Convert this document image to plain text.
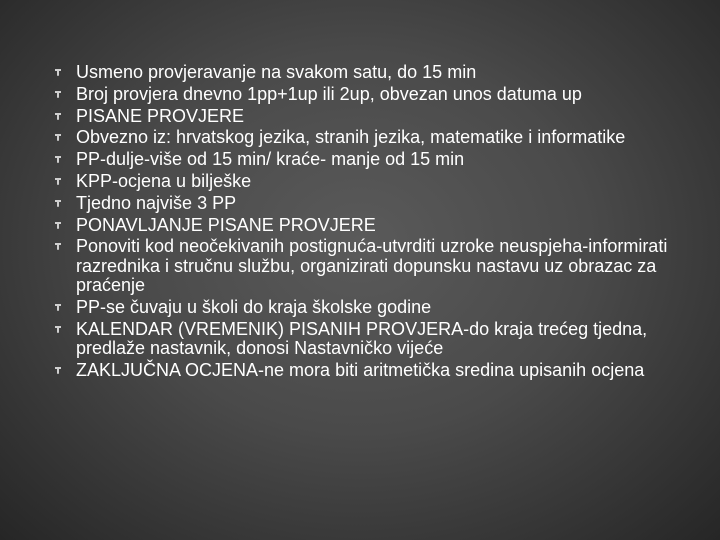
Usmeno provjeravanje na svakom satu, do 15 min
Broj provjera dnevno 1pp+1up ili 2up, obvezan unos datuma up
PISANE PROVJERE
Obvezno iz: hrvatskog jezika, stranih jezika, matematike i informatike
PP-dulje-više od 15 min/ kraće- manje od 15 min
KPP-ocjena u bilješke
Tjedno najviše 3 PP
PONAVLJANJE PISANE PROVJERE
Ponoviti kod neočekivanih postignuća-utvrditi uzroke neuspjeha-informirati razrednika i stručnu službu, organizirati dopunsku nastavu uz obrazac za praćenje
PP-se čuvaju u školi do kraja školske godine
KALENDAR (VREMENIK) PISANIH PROVJERA-do kraja trećeg tjedna, predlaže nastavnik, donosi Nastavničko vijeće
ZAKLJUČNA OCJENA-ne mora biti aritmetička sredina upisanih ocjena
